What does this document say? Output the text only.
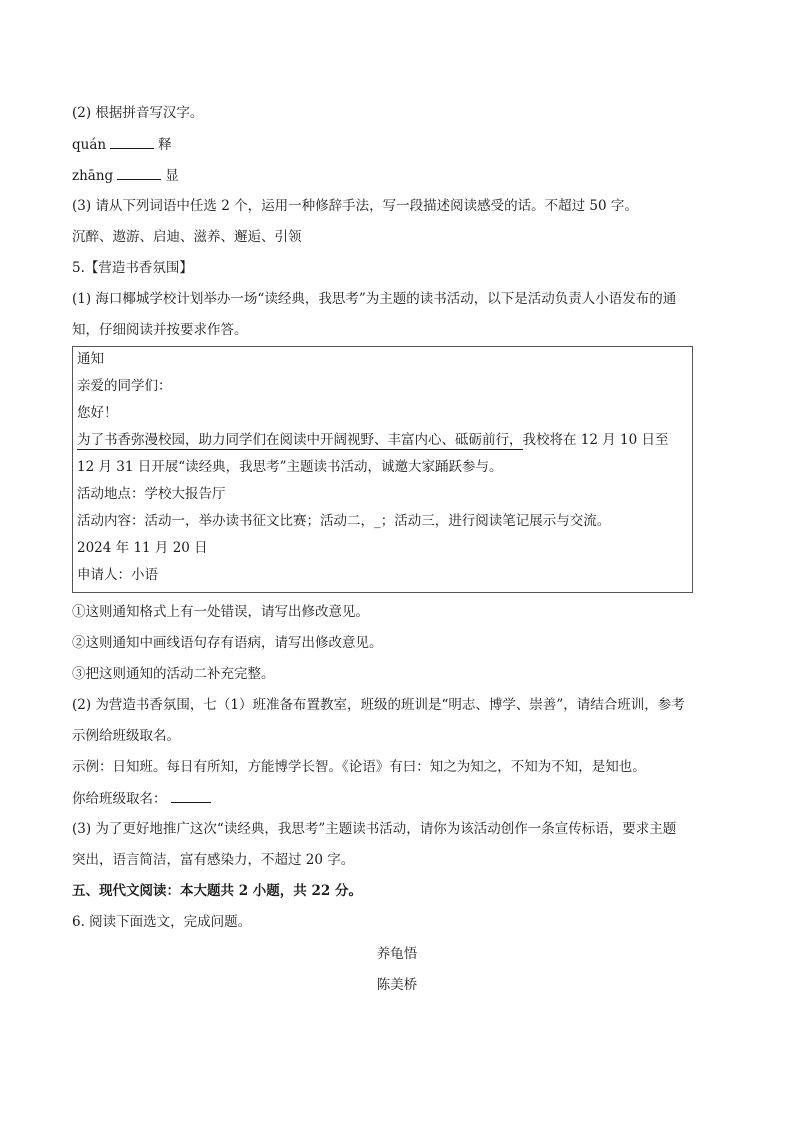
(2) 根据拼音写汉字。
quán	释
zhāng	显
(3) 请从下列词语中任选 2 个，运用一种修辞手法，写一段描述阅读感受的话。不超过 50 字。
沉醉、遨游、启迪、滋养、邂逅、引领
5.【营造书香氛围】
(1) 海口椰城学校计划举办一场“读经典，我思考”为主题的读书活动，以下是活动负责人小语发布的通
知，仔细阅读并按要求作答。
通知
亲爱的同学们：
您好！
为了书香弥漫校园，助力同学们在阅读中开阔视野、丰富内心、砥砺前行，我校将在 12 月 10 日至
12 月 31 日开展“读经典，我思考”主题读书活动，诚邀大家踊跃参与。
活动地点：学校大报告厅
活动内容：活动一，举办读书征文比赛；活动二，_；活动三，进行阅读笔记展示与交流。
2024 年 11 月 20 日
申请人：小语
①这则通知格式上有一处错误，请写出修改意见。
②这则通知中画线语句存有语病，请写出修改意见。
③把这则通知的活动二补充完整。
(2) 为营造书香氛围，七（1）班准备布置教室，班级的班训是“明志、博学、崇善”，请结合班训，参考
示例给班级取名。
示例：日知班。每日有所知，方能博学长智。《论语》有曰：知之为知之，不知为不知，是知也。
你给班级取名：
(3) 为了更好地推广这次“读经典，我思考”主题读书活动，请你为该活动创作一条宣传标语，要求主题
突出，语言简洁，富有感染力，不超过 20 字。
五、现代文阅读：本大题共 2 小题，共 22 分。
6. 阅读下面选文，完成问题。
养龟悟
陈美桥
